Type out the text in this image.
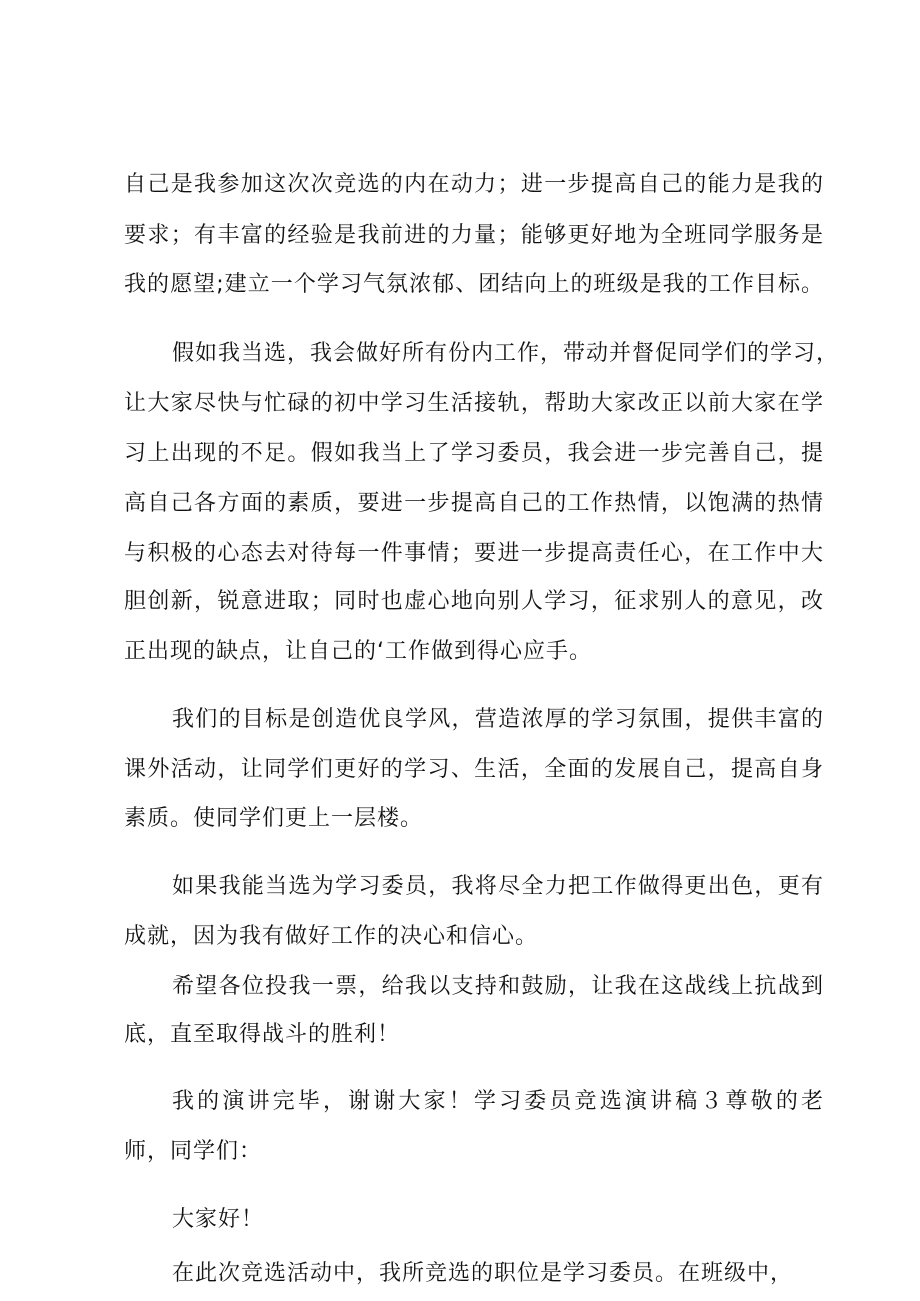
自己是我参加这次次竞选的内在动力；进一步提高自己的能力是我的
要求；有丰富的经验是我前进的力量；能够更好地为全班同学服务是
我的愿望;建立一个学习气氛浓郁、团结向上的班级是我的工作目标。
假如我当选，我会做好所有份内工作，带动并督促同学们的学习，
让大家尽快与忙碌的初中学习生活接轨，帮助大家改正以前大家在学
习上出现的不足。假如我当上了学习委员，我会进一步完善自己，提
高自己各方面的素质，要进一步提高自己的工作热情，以饱满的热情
与积极的心态去对待每一件事情；要进一步提高责任心，在工作中大
胆创新，锐意进取；同时也虚心地向别人学习，征求别人的意见，改
正出现的缺点，让自己的‘工作做到得心应手。
我们的目标是创造优良学风，营造浓厚的学习氛围，提供丰富的
课外活动，让同学们更好的学习、生活，全面的发展自己，提高自身
素质。使同学们更上一层楼。
如果我能当选为学习委员，我将尽全力把工作做得更出色，更有
成就，因为我有做好工作的决心和信心。
希望各位投我一票，给我以支持和鼓励，让我在这战线上抗战到
底，直至取得战斗的胜利！
我的演讲完毕，谢谢大家！学习委员竞选演讲稿３尊敬的老
师，同学们：
大家好！
在此次竞选活动中，我所竞选的职位是学习委员。在班级中，
